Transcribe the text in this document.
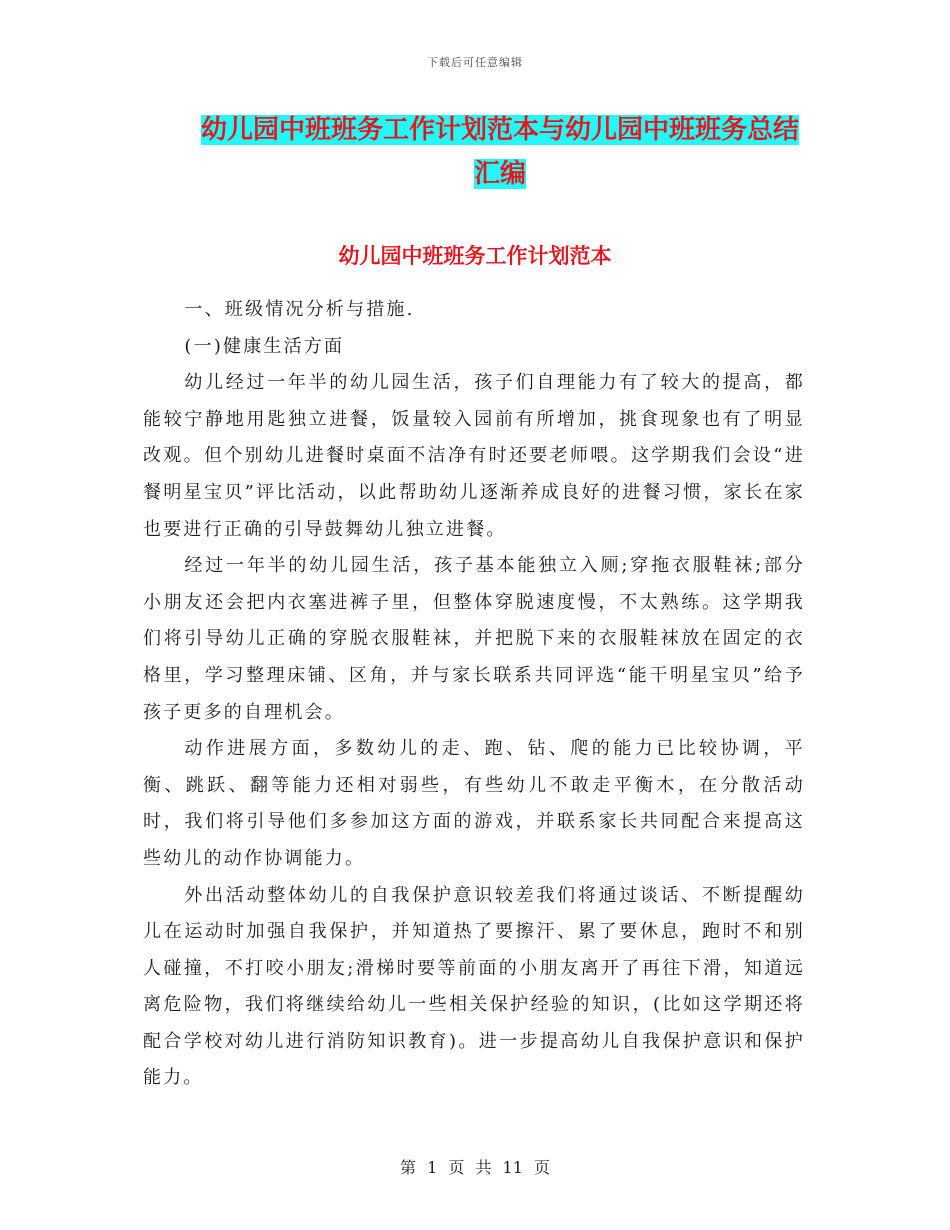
下载后可任意编辑
幼儿园中班班务工作计划范本与幼儿园中班班务总结
汇编
幼儿园中班班务工作计划范本

一、班级情况分析与措施.

(一)健康生活方面

幼儿经过一年半的幼儿园生活，孩子们自理能力有了较大的提高，都能较宁静地用匙独立进餐，饭量较入园前有所增加，挑食现象也有了明显改观。但个别幼儿进餐时桌面不洁净有时还要老师喂。这学期我们会设“进餐明星宝贝”评比活动，以此帮助幼儿逐渐养成良好的进餐习惯，家长在家也要进行正确的引导鼓舞幼儿独立进餐。

经过一年半的幼儿园生活，孩子基本能独立入厕;穿拖衣服鞋袜;部分小朋友还会把内衣塞进裤子里，但整体穿脱速度慢，不太熟练。这学期我们将引导幼儿正确的穿脱衣服鞋袜，并把脱下来的衣服鞋袜放在固定的衣格里，学习整理床铺、区角，并与家长联系共同评选“能干明星宝贝”给予孩子更多的自理机会。

动作进展方面，多数幼儿的走、跑、钻、爬的能力已比较协调，平衡、跳跃、翻等能力还相对弱些，有些幼儿不敢走平衡木，在分散活动时，我们将引导他们多参加这方面的游戏，并联系家长共同配合来提高这些幼儿的动作协调能力。

外出活动整体幼儿的自我保护意识较差我们将通过谈话、不断提醒幼儿在运动时加强自我保护，并知道热了要擦汗、累了要休息，跑时不和别人碰撞，不打咬小朋友;滑梯时要等前面的小朋友离开了再往下滑，知道远离危险物，我们将继续给幼儿一些相关保护经验的知识，(比如这学期还将配合学校对幼儿进行消防知识教育)。进一步提高幼儿自我保护意识和保护能力。

第 1 页 共 11 页
